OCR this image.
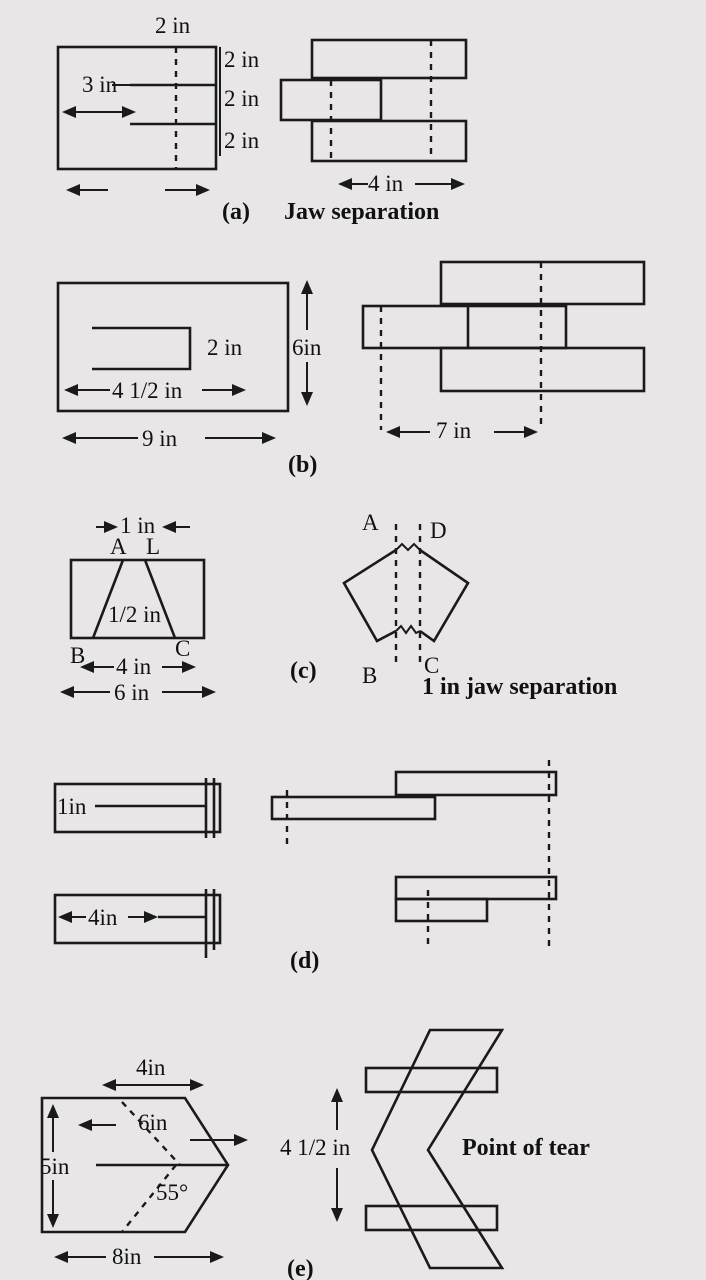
2 in
3 in
2 in
2 in
2 in
4 in
(a) Jaw separation
2 in
4 1/2 in
9 in
6in
7 in
(b)
1 in
A L
1/2 in
B	C
4 in
6 in
(c)
A D
B C
1 in jaw separation
1in
4in
(d)
4in
6in
55°
5in
8in	(e)
4 1/2 in	Point of tear
